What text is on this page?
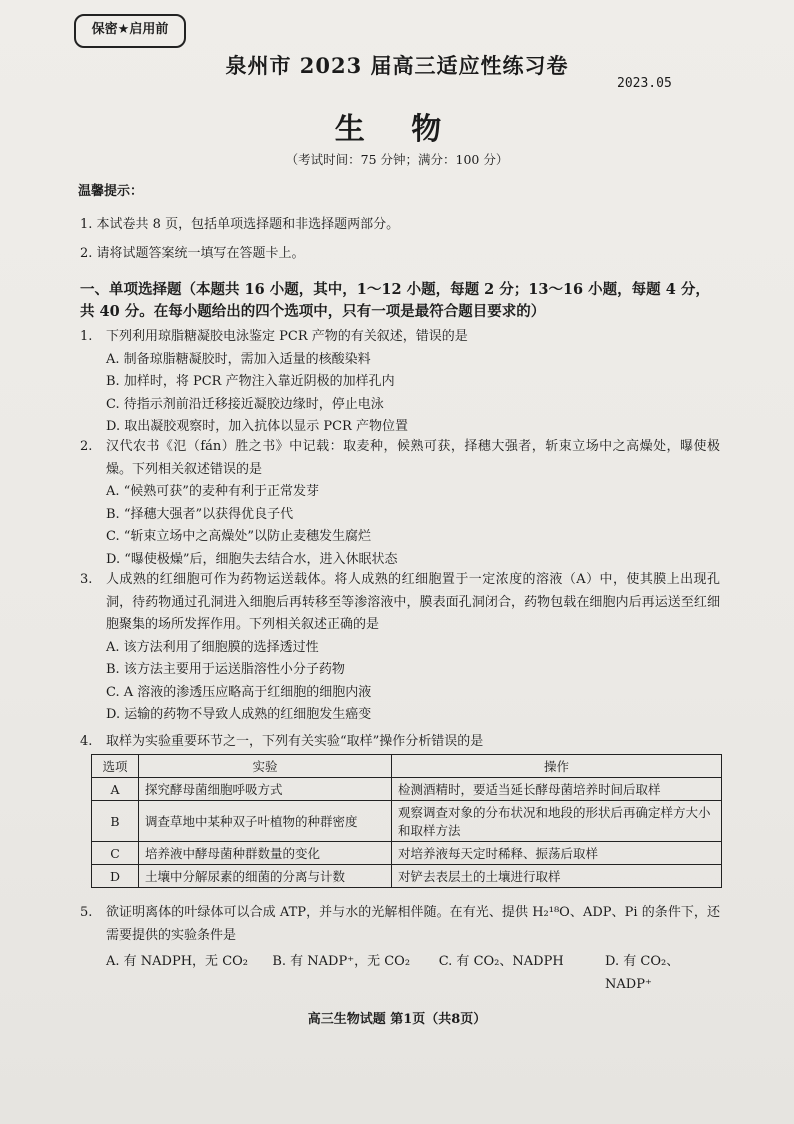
保密★启用前
泉州市 2023 届高三适应性练习卷
2023.05
生 物
（考试时间：75 分钟；满分：100 分）
温馨提示：
1. 本试卷共 8 页，包括单项选择题和非选择题两部分。
2. 请将试题答案统一填写在答题卡上。
一、单项选择题（本题共 16 小题，其中，1～12 小题，每题 2 分；13～16 小题，每题 4 分，共 40 分。在每小题给出的四个选项中，只有一项是最符合题目要求的）
1.	下列利用琼脂糖凝胶电泳鉴定 PCR 产物的有关叙述，错误的是
A. 制备琼脂糖凝胶时，需加入适量的核酸染料
B. 加样时，将 PCR 产物注入靠近阴极的加样孔内
C. 待指示剂前沿迁移接近凝胶边缘时，停止电泳
D. 取出凝胶观察时，加入抗体以显示 PCR 产物位置
2.	汉代农书《氾（fán）胜之书》中记载：取麦种，候熟可获，择穗大强者，斩束立场中之高燥处，曝使极燥。下列相关叙述错误的是
A. “候熟可获”的麦种有利于正常发芽
B. “择穗大强者”以获得优良子代
C. “斩束立场中之高燥处”以防止麦穗发生腐烂
D. “曝使极燥”后，细胞失去结合水，进入休眠状态
3.	人成熟的红细胞可作为药物运送载体。将人成熟的红细胞置于一定浓度的溶液（A）中，使其膜上出现孔洞，待药物通过孔洞进入细胞后再转移至等渗溶液中，膜表面孔洞闭合，药物包载在细胞内后再运送至红细胞聚集的场所发挥作用。下列相关叙述正确的是
A. 该方法利用了细胞膜的选择透过性
B. 该方法主要用于运送脂溶性小分子药物
C. A 溶液的渗透压应略高于红细胞的细胞内液
D. 运输的药物不导致人成熟的红细胞发生癌变
4.	取样为实验重要环节之一，下列有关实验“取样”操作分析错误的是
选项	实验	操作
A	探究酵母菌细胞呼吸方式	检测酒精时，要适当延长酵母菌培养时间后取样
B	调查草地中某种双子叶植物的种群密度	观察调查对象的分布状况和地段的形状后再确定样方大小和取样方法
C	培养液中酵母菌种群数量的变化	对培养液每天定时稀释、振荡后取样
D	土壤中分解尿素的细菌的分离与计数	对铲去表层土的土壤进行取样
5.	欲证明离体的叶绿体可以合成 ATP，并与水的光解相伴随。在有光、提供 H₂¹⁸O、ADP、Pi 的条件下，还需要提供的实验条件是
A. 有 NADPH，无 CO₂	B. 有 NADP⁺，无 CO₂	C. 有 CO₂、NADPH	D. 有 CO₂、NADP⁺
高三生物试题 第1页（共8页）
